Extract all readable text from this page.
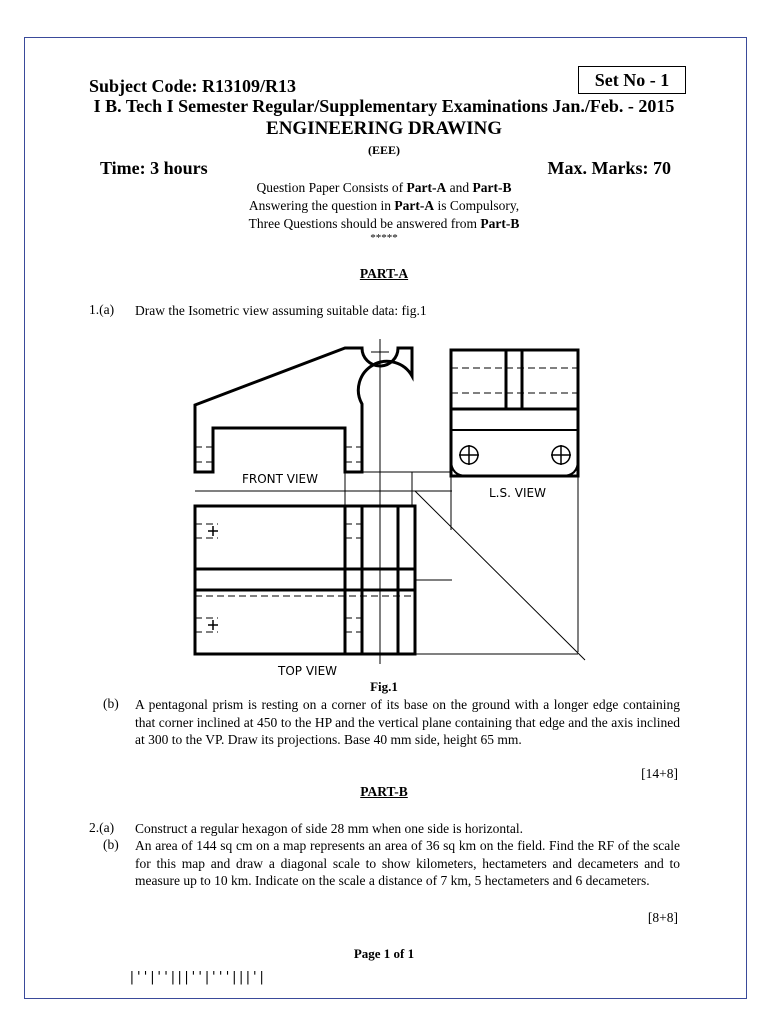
Subject Code: R13109/R13	Set No - 1
I B. Tech I Semester Regular/Supplementary Examinations Jan./Feb. - 2015
ENGINEERING DRAWING
(EEE)
Time: 3 hours	Max. Marks: 70
Question Paper Consists of Part-A and Part-B
Answering the question in Part-A is Compulsory,
Three Questions should be answered from Part-B
*****
PART-A
1.(a) Draw the Isometric view assuming suitable data: fig.1
FRONT VIEW
L.S. VIEW
TOP VIEW
Fig.1
(b) A pentagonal prism is resting on a corner of its base on the ground with a longer edge containing that corner inclined at 450 to the HP and the vertical plane containing that edge and the axis inclined at 300 to the VP. Draw its projections. Base 40 mm side, height 65 mm.
[14+8]
PART-B
2.(a) Construct a regular hexagon of side 28 mm when one side is horizontal.
(b) An area of 144 sq cm on a map represents an area of 36 sq km on the field. Find the RF of the scale for this map and draw a diagonal scale to show kilometers, hectameters and decameters and to measure up to 10 km. Indicate on the scale a distance of 7 km, 5 hectameters and 6 decameters.
[8+8]
Page 1 of 1
|''|''|||''|'''|||'|
